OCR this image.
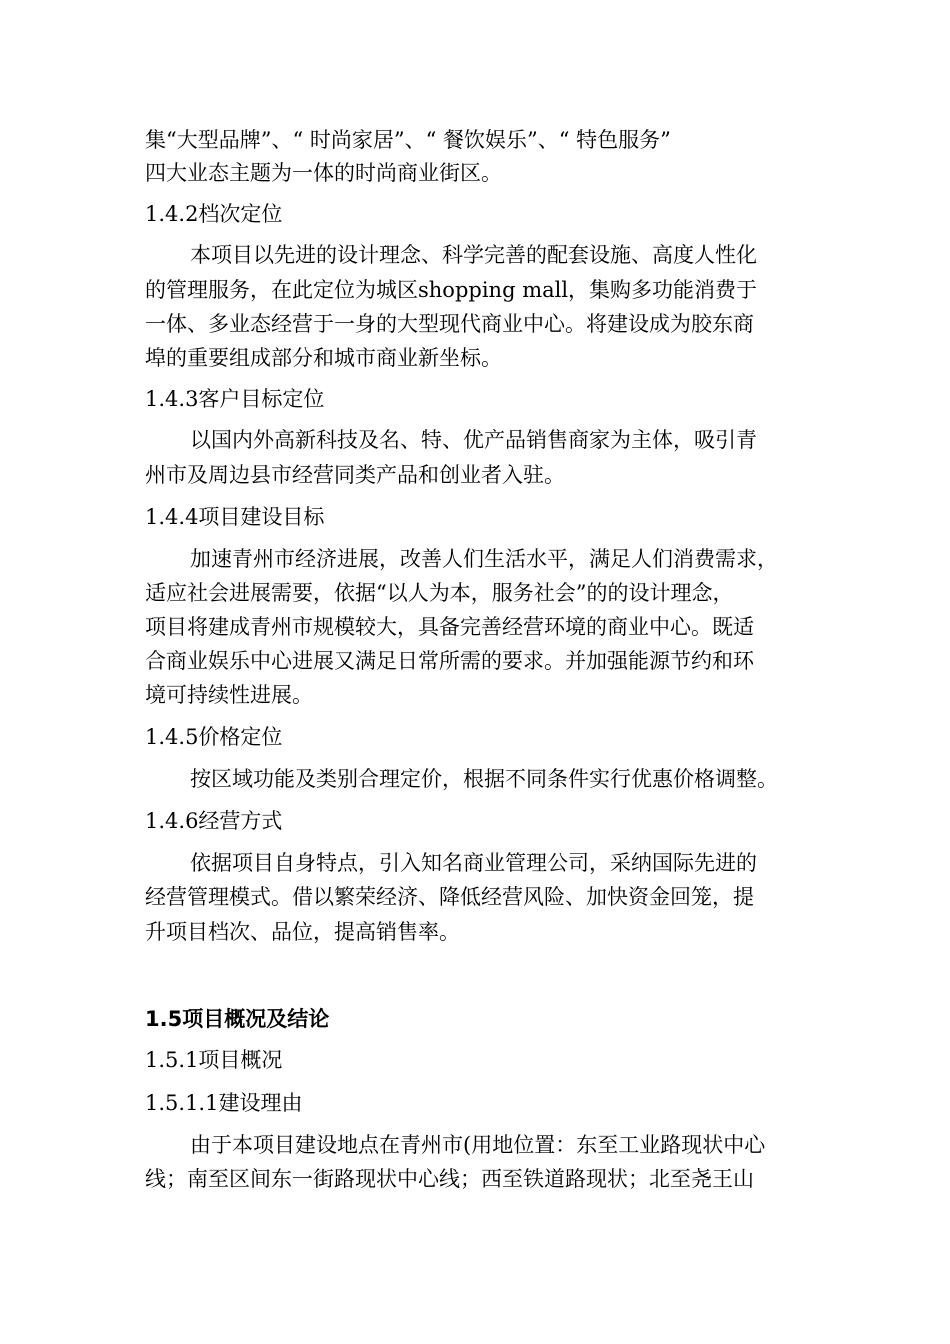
集“大型品牌”、“ 时尚家居”、“ 餐饮娱乐”、“ 特色服务”

四大业态主题为一体的时尚商业街区。

1.4.2档次定位

本项目以先进的设计理念、科学完善的配套设施、高度人性化

的管理服务，在此定位为城区shopping mall，集购多功能消费于

一体、多业态经营于一身的大型现代商业中心。将建设成为胶东商

埠的重要组成部分和城市商业新坐标。

1.4.3客户目标定位

以国内外高新科技及名、特、优产品销售商家为主体，吸引青

州市及周边县市经营同类产品和创业者入驻。

1.4.4项目建设目标

加速青州市经济进展，改善人们生活水平，满足人们消费需求，

适应社会进展需要，依据“以人为本，服务社会”的的设计理念，

项目将建成青州市规模较大，具备完善经营环境的商业中心。既适

合商业娱乐中心进展又满足日常所需的要求。并加强能源节约和环

境可持续性进展。

1.4.5价格定位

按区域功能及类别合理定价，根据不同条件实行优惠价格调整。

1.4.6经营方式

依据项目自身特点，引入知名商业管理公司，采纳国际先进的

经营管理模式。借以繁荣经济、降低经营风险、加快资金回笼，提

升项目档次、品位，提高销售率。

1.5项目概况及结论

1.5.1项目概况

1.5.1.1建设理由

由于本项目建设地点在青州市(用地位置：东至工业路现状中心

线；南至区间东一街路现状中心线；西至铁道路现状；北至尧王山
